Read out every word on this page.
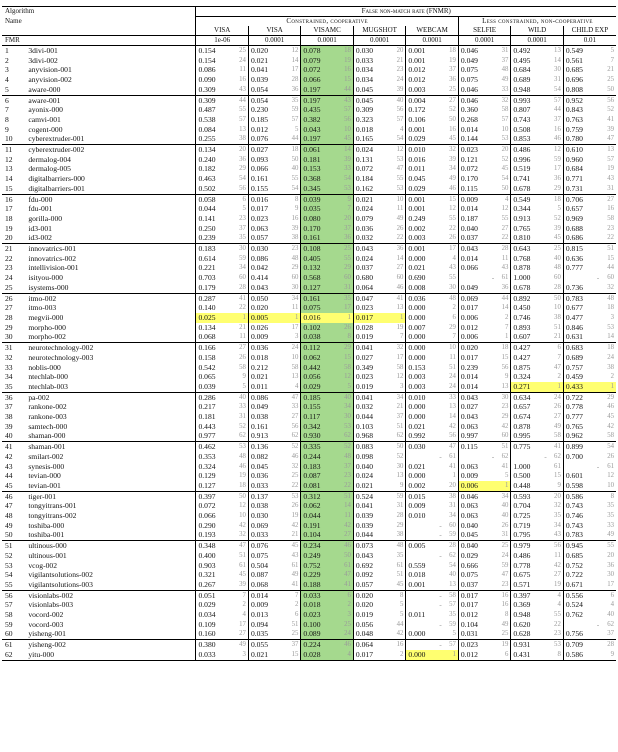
Algorithm		False non-match rate (FNMR)															
Name		Constrained, cooperative										Less constrained, non-cooperative					
		VISA		VISA		VISAMC		MUGSHOT		WEBCAM		SELFIE		WILD		CHILD EXP	
FMR		1e-06		0.0001		0.0001		0.0001		0.0001		0.0001		0.0001		0.01	
1	3divi-001	0.154	25	0.020	12	0.078	18	0.030	20	0.001	18	0.046	31	0.492	13	0.549	5
2	3divi-002	0.154	24	0.021	14	0.079	19	0.033	21	0.001	19	0.049	37	0.495	14	0.561	7
3	anyvision-001	0.086	11	0.041	17	0.072	16	0.034	23	0.012	37	0.075	48	0.684	30	0.685	21
4	anyvision-002	0.090	16	0.039	28	0.066	15	0.034	24	0.012	36	0.075	49	0.689	31	0.696	25
5	aware-000	0.309	43	0.054	36	0.197	44	0.045	39	0.003	25	0.046	33	0.948	54	0.808	50
6	aware-001	0.309	44	0.054	35	0.197	43	0.045	40	0.004	27	0.046	32	0.993	57	0.952	56
7	ayonix-000	0.487	55	0.230	59	0.435	57	0.309	56	0.172	52	0.360	58	0.807	44	0.843	52
8	camvi-001	0.538	57	0.185	57	0.382	56	0.323	57	0.106	50	0.268	57	0.743	37	0.763	41
9	cogent-000	0.084	13	0.012	5	0.043	10	0.018	4	0.001	16	0.014	10	0.508	16	0.759	39
10	cyberextruder-001	0.255	38	0.076	44	0.197	45	0.165	54	0.029	45	0.144	53	0.853	46	0.780	47
11	cyberextruder-002	0.134	20	0.027	18	0.061	14	0.024	12	0.010	32	0.023	20	0.486	12	0.610	13
12	dermalog-004	0.240	36	0.093	50	0.181	39	0.131	53	0.016	39	0.121	52	0.996	59	0.960	57
13	dermalog-005	0.182	29	0.066	40	0.153	33	0.072	47	0.011	34	0.072	45	0.519	17	0.684	19
14	digitalbarriers-000	0.463	54	0.161	55	0.368	54	0.184	55	0.045	49	0.170	54	0.741	36	0.771	43
15	digitalbarriers-001	0.502	56	0.155	54	0.345	53	0.162	53	0.029	46	0.115	50	0.678	29	0.731	31
16	fdu-000	0.058	6	0.016	8	0.039	9	0.021	10	0.001	15	0.009	4	0.549	18	0.706	27
17	fdu-001	0.044	5	0.017	9	0.035	7	0.024	11	0.001	12	0.014	12	0.344	5	0.657	16
18	gorilla-000	0.141	23	0.023	16	0.080	20	0.079	49	0.249	55	0.187	55	0.913	52	0.969	58
19	id3-001	0.250	37	0.063	39	0.170	37	0.036	26	0.002	22	0.040	27	0.765	39	0.688	23
20	id3-002	0.239	35	0.057	38	0.161	36	0.032	22	0.003	26	0.037	22	0.810	45	0.686	22
21	innovatrics-001	0.183	30	0.030	23	0.108	25	0.043	36	0.001	17	0.043	28	0.643	25	0.815	51
22	innovatrics-002	0.614	59	0.086	48	0.405	55	0.024	14	0.000	4	0.014	11	0.768	40	0.636	15
23	intellivision-001	0.221	34	0.042	29	0.132	29	0.037	27	0.021	43	0.066	43	0.878	48	0.777	44
24	isityou-000	0.703	60	0.414	60	0.568	60	0.680	60	0.690	55	-	61	1.000	60	-	60
25	isystems-000	0.179	28	0.043	30	0.127	31	0.064	46	0.008	30	0.049	36	0.678	28	0.736	32
26	itmo-002	0.287	41	0.050	34	0.161	35	0.047	41	0.036	48	0.069	44	0.892	50	0.783	48
27	itmo-003	0.140	22	0.020	11	0.075	17	0.023	13	0.000	2	0.017	14	0.450	10	0.677	18
28	megvii-000	0.025	1	0.005	1	0.016	1	0.017	1	0.000	6	0.006	2	0.746	38	0.477	3
29	morpho-000	0.134	21	0.026	17	0.102	26	0.028	19	0.007	29	0.012	7	0.893	51	0.846	53
30	morpho-002	0.068	11	0.009	3	0.038	8	0.019	7	0.000	7	0.006	1	0.607	21	0.631	14
31	neurotechnology-002	0.166	27	0.036	24	0.112	29	0.041	32	0.000	10	0.020	18	0.427	6	0.683	18
32	neurotechnology-003	0.158	26	0.018	10	0.062	15	0.027	17	0.000	11	0.017	15	0.427	7	0.689	24
33	noblis-000	0.542	58	0.212	58	0.442	58	0.349	58	0.153	51	0.239	56	0.875	47	0.757	38
34	ntechlab-000	0.065	9	0.021	13	0.056	12	0.023	12	0.003	24	0.014	9	0.324	2	0.459	2
35	ntechlab-003	0.039	5	0.011	4	0.029	5	0.019	3	0.003	24	0.014	13	0.271	1	0.433	1
36	pa-002	0.286	40	0.086	47	0.185	40	0.041	34	0.010	33	0.043	30	0.634	24	0.722	29
37	rankone-002	0.217	33	0.049	33	0.155	34	0.032	21	0.000	13	0.027	23	0.657	26	0.778	46
38	rankone-003	0.181	31	0.038	27	0.117	30	0.044	37	0.000	14	0.043	29	0.674	27	0.777	45
39	samtech-000	0.443	52	0.161	56	0.342	53	0.103	51	0.021	42	0.063	42	0.878	49	0.765	42
40	shaman-000	0.977	62	0.913	62	0.930	62	0.968	62	0.992	56	0.997	60	0.995	58	0.962	58
41	shaman-001	0.462	53	0.136	52	0.335	52	0.083	50	0.030	47	0.115	51	0.775	41	0.899	54
42	smilart-002	0.353	48	0.082	46	0.244	48	0.098	52	-	61	-	62	-	62	0.700	26
43	synesis-000	0.324	46	0.045	32	0.183	37	0.040	30	0.021	41	0.063	41	1.000	61	-	61
44	tevian-000	0.129	19	0.036	25	0.087	23	0.024	13	0.000	1	0.009	5	0.500	15	0.601	12
45	tevian-001	0.127	18	0.033	22	0.081	22	0.021	9	0.002	20	0.006	1	0.448	9	0.598	10
46	tiger-001	0.397	50	0.137	53	0.312	51	0.524	59	0.015	38	0.046	34	0.593	20	0.586	8
47	tongyitrans-001	0.072	12	0.038	26	0.062	14	0.041	31	0.009	31	0.063	40	0.704	32	0.743	35
48	tongyitrans-002	0.066	10	0.030	19	0.044	11	0.039	28	0.010	34	0.063	40	0.725	35	0.746	35
49	toshiba-000	0.290	42	0.069	42	0.191	42	0.039	29	-	60	0.040	26	0.719	34	0.743	33
50	toshiba-001	0.193	32	0.033	21	0.104	27	0.044	38	-	59	0.045	31	0.795	43	0.783	49
51	ultinous-000	0.348	47	0.076	45	0.234	46	0.073	48	0.005	28	0.040	25	0.979	56	0.945	55
52	ultinous-001	0.400	51	0.075	43	0.249	50	0.043	35	-	62	0.029	24	0.486	11	0.685	20
53	vcog-002	0.903	61	0.504	61	0.752	61	0.692	61	0.559	54	0.666	59	0.778	42	0.752	36
54	vigilantsolutions-002	0.321	45	0.087	49	0.229	47	0.092	51	0.018	40	0.075	47	0.675	27	0.722	30
55	vigilantsolutions-003	0.267	39	0.068	41	0.188	41	0.057	45	0.001	13	0.037	23	0.571	19	0.671	17
56	visionlabs-002	0.051	7	0.014	7	0.033	6	0.020	8	-	58	0.017	16	0.397	4	0.556	6
57	visionlabs-003	0.029	2	0.009	2	0.018	2	0.020	5	-	57	0.017	16	0.369	4	0.524	4
58	vocord-002	0.034	4	0.013	6	0.023	3	0.019	5	0.011	35	0.012	8	0.948	55	0.762	40
59	vocord-003	0.109	17	0.094	51	0.100	25	0.056	44	-	59	0.104	49	0.620	22	-	62
60	yisheng-001	0.160	27	0.035	25	0.089	24	0.048	42	0.000	5	0.031	25	0.628	23	0.756	37
61	yisheng-002	0.380	49	0.055	37	0.224	46	0.064	16	-	57	0.023	19	0.931	53	0.709	28
62	yitu-000	0.033	3	0.021	15	0.028	4	0.017	2	0.000	1	0.012	6	0.431	8	0.586	9
